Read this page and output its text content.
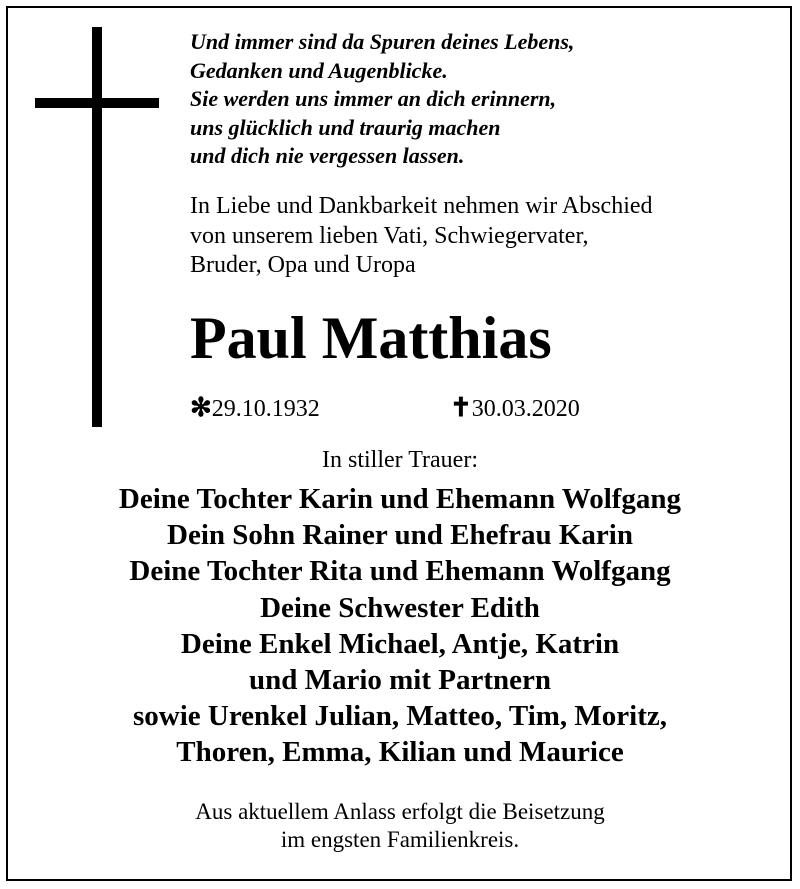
Und immer sind da Spuren deines Lebens,
Gedanken und Augenblicke.
Sie werden uns immer an dich erinnern,
uns glücklich und traurig machen
und dich nie vergessen lassen.

In Liebe und Dankbarkeit nehmen wir Abschied
von unserem lieben Vati, Schwiegervater,
Bruder, Opa und Uropa

Paul Matthias
✻29.10.1932	✝30.03.2020

In stiller Trauer:

Deine Tochter Karin und Ehemann Wolfgang
Dein Sohn Rainer und Ehefrau Karin
Deine Tochter Rita und Ehemann Wolfgang
Deine Schwester Edith
Deine Enkel Michael, Antje, Katrin
und Mario mit Partnern
sowie Urenkel Julian, Matteo, Tim, Moritz,
Thoren, Emma, Kilian und Maurice

Aus aktuellem Anlass erfolgt die Beisetzung
im engsten Familienkreis.
